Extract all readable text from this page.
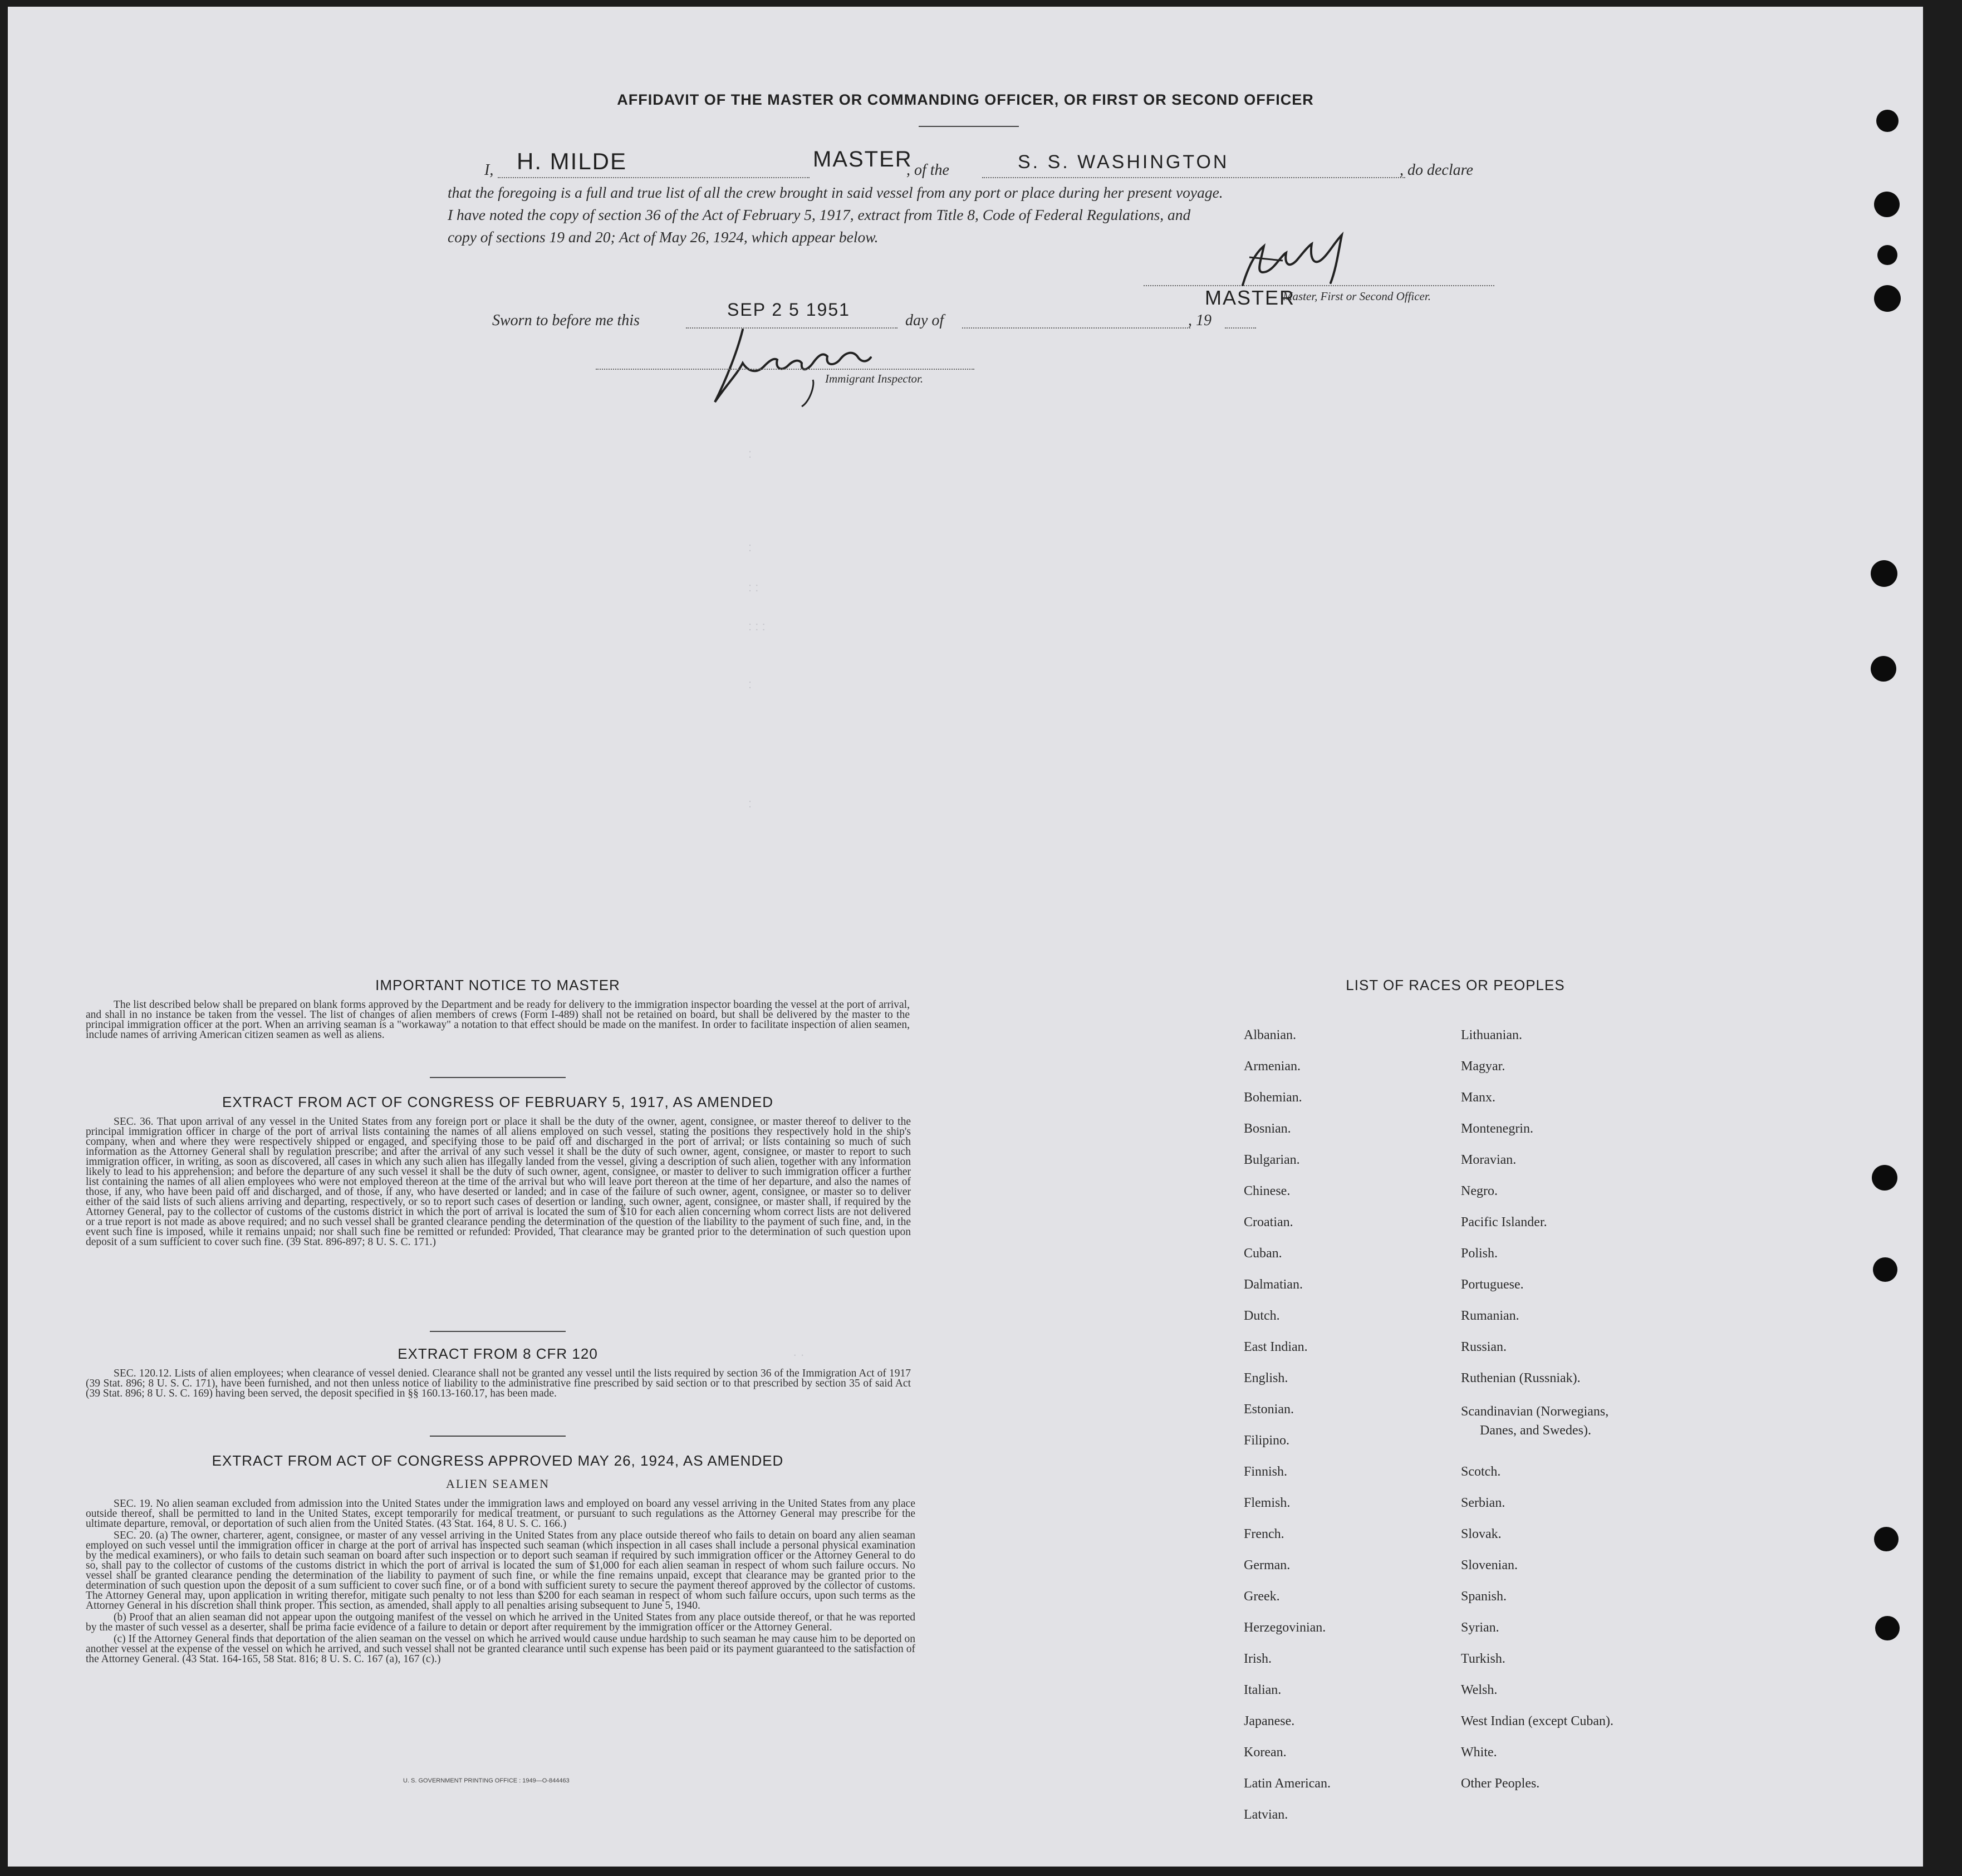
AFFIDAVIT OF THE MASTER OR COMMANDING OFFICER, OR FIRST OR SECOND OFFICER
I, H. MILDE	MASTER
, of the	S. S. WASHINGTON	, do declare
that the foregoing is a full and true list of all the crew brought in said vessel from any port or place during her present voyage.
I have noted the copy of section 36 of the Act of February 5, 1917, extract from Title 8, Code of Federal Regulations, and
copy of sections 19 and 20; Act of May 26, 1924, which appear below.
MASTER
Master, First or Second Officer.
Sworn to before me this
SEP 2 5 1951
day of	, 19
Immigrant Inspector.
:
:
: :
: : :
:
:
· ·
IMPORTANT NOTICE TO MASTER

The list described below shall be prepared on blank forms approved by the Department and be ready for delivery to the immigration inspector boarding the vessel at the port of arrival, and shall in no instance be taken from the vessel. The list of changes of alien members of crews (Form I-489) shall not be retained on board, but shall be delivered by the master to the principal immigration officer at the port. When an arriving seaman is a "workaway" a notation to that effect should be made on the manifest. In order to facilitate inspection of alien seamen, include names of arriving American citizen seamen as well as aliens.

EXTRACT FROM ACT OF CONGRESS OF FEBRUARY 5, 1917, AS AMENDED

SEC. 36. That upon arrival of any vessel in the United States from any foreign port or place it shall be the duty of the owner, agent, consignee, or master thereof to deliver to the principal immigration officer in charge of the port of arrival lists containing the names of all aliens employed on such vessel, stating the positions they respectively hold in the ship's company, when and where they were respectively shipped or engaged, and specifying those to be paid off and discharged in the port of arrival; or lists containing so much of such information as the Attorney General shall by regulation prescribe; and after the arrival of any such vessel it shall be the duty of such owner, agent, consignee, or master to report to such immigration officer, in writing, as soon as discovered, all cases in which any such alien has illegally landed from the vessel, giving a description of such alien, together with any information likely to lead to his apprehension; and before the departure of any such vessel it shall be the duty of such owner, agent, consignee, or master to deliver to such immigration officer a further list containing the names of all alien employees who were not employed thereon at the time of the arrival but who will leave port thereon at the time of her departure, and also the names of those, if any, who have been paid off and discharged, and of those, if any, who have deserted or landed; and in case of the failure of such owner, agent, consignee, or master so to deliver either of the said lists of such aliens arriving and departing, respectively, or so to report such cases of desertion or landing, such owner, agent, consignee, or master shall, if required by the Attorney General, pay to the collector of customs of the customs district in which the port of arrival is located the sum of $10 for each alien concerning whom correct lists are not delivered or a true report is not made as above required; and no such vessel shall be granted clearance pending the determination of the question of the liability to the payment of such fine, and, in the event such fine is imposed, while it remains unpaid; nor shall such fine be remitted or refunded: Provided, That clearance may be granted prior to the determination of such question upon deposit of a sum sufficient to cover such fine. (39 Stat. 896-897; 8 U. S. C. 171.)

EXTRACT FROM 8 CFR 120

SEC. 120.12. Lists of alien employees; when clearance of vessel denied. Clearance shall not be granted any vessel until the lists required by section 36 of the Immigration Act of 1917 (39 Stat. 896; 8 U. S. C. 171), have been furnished, and not then unless notice of liability to the administrative fine prescribed by said section or to that prescribed by section 35 of said Act (39 Stat. 896; 8 U. S. C. 169) having been served, the deposit specified in §§ 160.13-160.17, has been made.

EXTRACT FROM ACT OF CONGRESS APPROVED MAY 26, 1924, AS AMENDED
ALIEN SEAMEN

SEC. 19. No alien seaman excluded from admission into the United States under the immigration laws and employed on board any vessel arriving in the United States from any place outside thereof, shall be permitted to land in the United States, except temporarily for medical treatment, or pursuant to such regulations as the Attorney General may prescribe for the ultimate departure, removal, or deportation of such alien from the United States. (43 Stat. 164, 8 U. S. C. 166.)

SEC. 20. (a) The owner, charterer, agent, consignee, or master of any vessel arriving in the United States from any place outside thereof who fails to detain on board any alien seaman employed on such vessel until the immigration officer in charge at the port of arrival has inspected such seaman (which inspection in all cases shall include a personal physical examination by the medical examiners), or who fails to detain such seaman on board after such inspection or to deport such seaman if required by such immigration officer or the Attorney General to do so, shall pay to the collector of customs of the customs district in which the port of arrival is located the sum of $1,000 for each alien seaman in respect of whom such failure occurs. No vessel shall be granted clearance pending the determination of the liability to payment of such fine, or while the fine remains unpaid, except that clearance may be granted prior to the determination of such question upon the deposit of a sum sufficient to cover such fine, or of a bond with sufficient surety to secure the payment thereof approved by the collector of customs. The Attorney General may, upon application in writing therefor, mitigate such penalty to not less than $200 for each seaman in respect of whom such failure occurs, upon such terms as the Attorney General in his discretion shall think proper. This section, as amended, shall apply to all penalties arising subsequent to June 5, 1940.

(b) Proof that an alien seaman did not appear upon the outgoing manifest of the vessel on which he arrived in the United States from any place outside thereof, or that he was reported by the master of such vessel as a deserter, shall be prima facie evidence of a failure to detain or deport after requirement by the immigration officer or the Attorney General.

(c) If the Attorney General finds that deportation of the alien seaman on the vessel on which he arrived would cause undue hardship to such seaman he may cause him to be deported on another vessel at the expense of the vessel on which he arrived, and such vessel shall not be granted clearance until such expense has been paid or its payment guaranteed to the satisfaction of the Attorney General. (43 Stat. 164-165, 58 Stat. 816; 8 U. S. C. 167 (a), 167 (c).)

U. S. GOVERNMENT PRINTING OFFICE : 1949—O-844463
LIST OF RACES OR PEOPLES
Albanian.
Armenian.
Bohemian.
Bosnian.
Bulgarian.
Chinese.
Croatian.
Cuban.
Dalmatian.
Dutch.
East Indian.
English.
Estonian.
Filipino.
Finnish.
Flemish.
French.
German.
Greek.
Herzegovinian.
Irish.
Italian.
Japanese.
Korean.
Latin American.
Latvian.
Lithuanian.
Magyar.
Manx.
Montenegrin.
Moravian.
Negro.
Pacific Islander.
Polish.
Portuguese.
Rumanian.
Russian.
Ruthenian (Russniak).
Scandinavian (Norwegians,
Danes, and Swedes).
Scotch.
Serbian.
Slovak.
Slovenian.
Spanish.
Syrian.
Turkish.
Welsh.
West Indian (except Cuban).
White.
Other Peoples.
